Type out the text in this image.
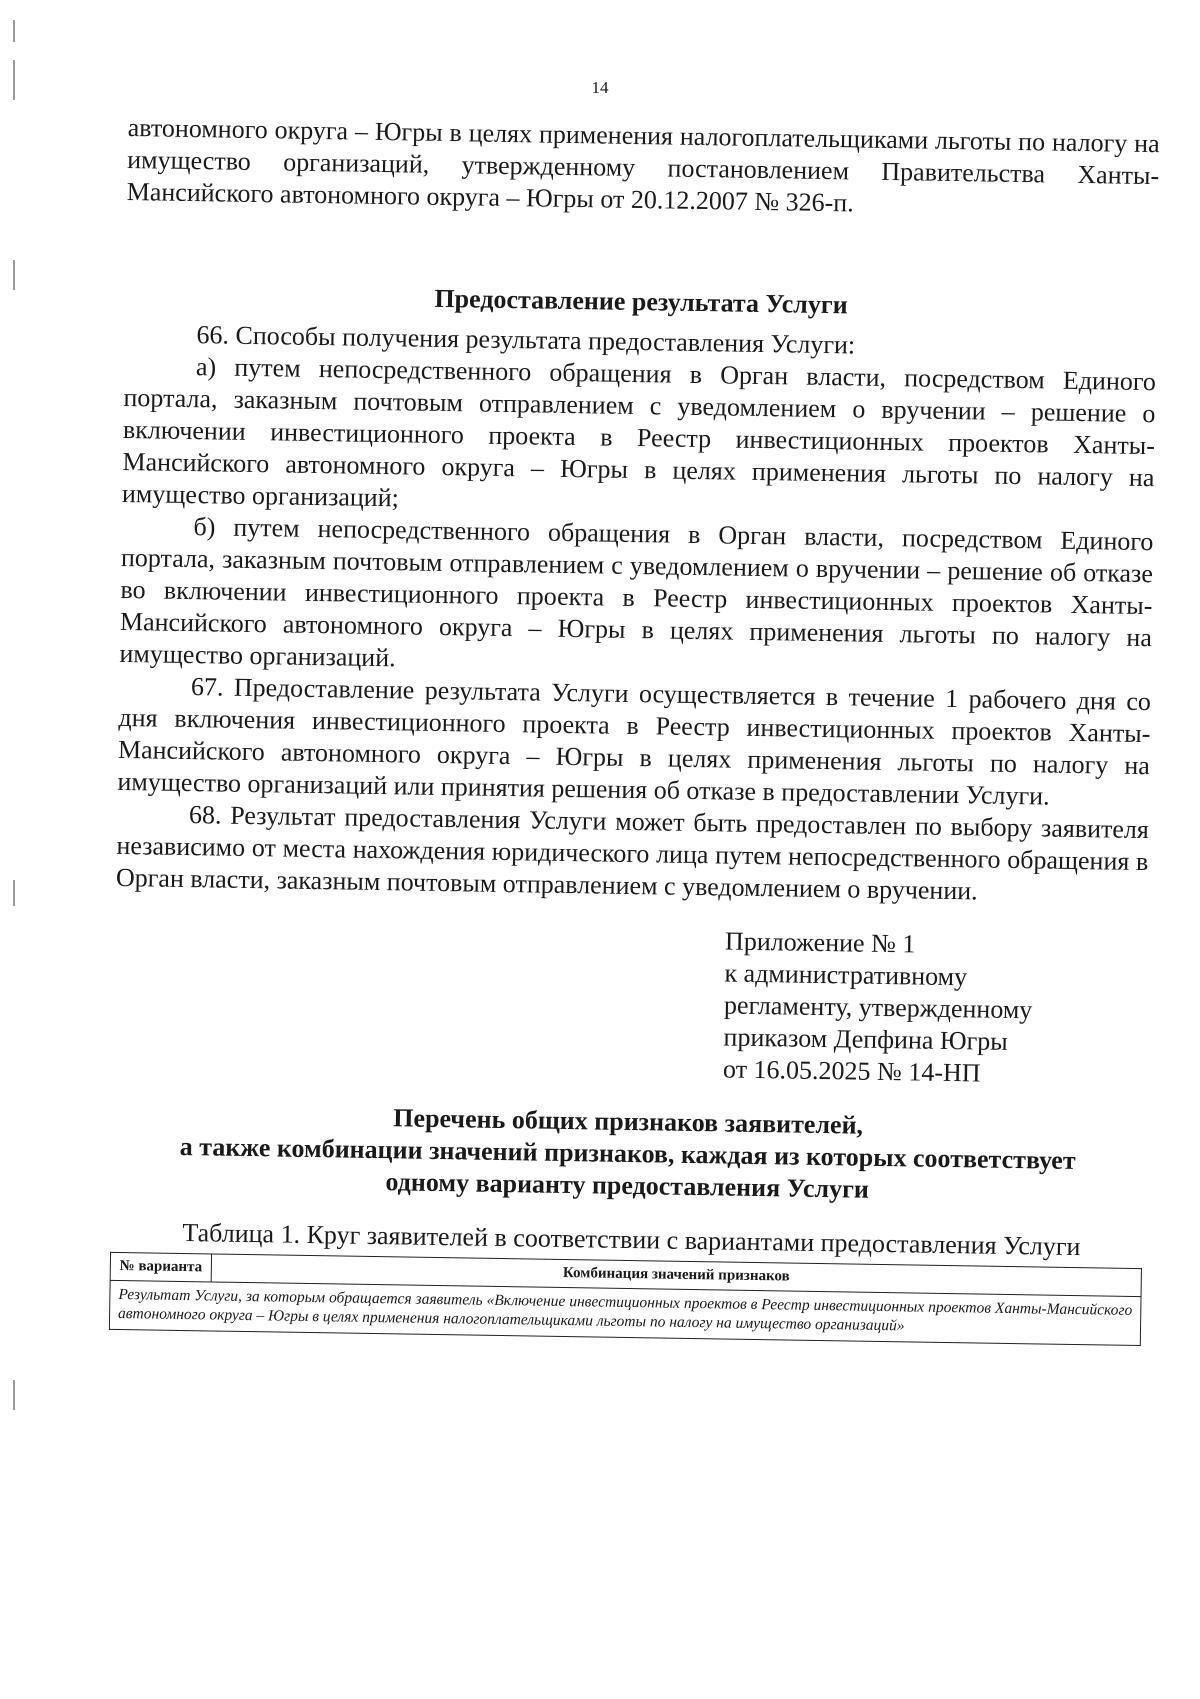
14

автономного округа – Югры в целях применения налогоплательщиками льготы по налогу на имущество организаций, утвержденному постановлением Правительства Ханты-Мансийского автономного округа – Югры от 20.12.2007 № 326-п.

Предоставление результата Услуги

66. Способы получения результата предоставления Услуги:

а) путем непосредственного обращения в Орган власти, посредством Единого портала, заказным почтовым отправлением с уведомлением о вручении – решение о включении инвестиционного проекта в Реестр инвестиционных проектов Ханты-Мансийского автономного округа – Югры в целях применения льготы по налогу на имущество организаций;

б) путем непосредственного обращения в Орган власти, посредством Единого портала, заказным почтовым отправлением с уведомлением о вручении – решение об отказе во включении инвестиционного проекта в Реестр инвестиционных проектов Ханты-Мансийского автономного округа – Югры в целях применения льготы по налогу на имущество организаций.

67. Предоставление результата Услуги осуществляется в течение 1 рабочего дня со дня включения инвестиционного проекта в Реестр инвестиционных проектов Ханты-Мансийского автономного округа – Югры в целях применения льготы по налогу на имущество организаций или принятия решения об отказе в предоставлении Услуги.

68. Результат предоставления Услуги может быть предоставлен по выбору заявителя независимо от места нахождения юридического лица путем непосредственного обращения в Орган власти, заказным почтовым отправлением с уведомлением о вручении.

Приложение № 1

к административному

регламенту, утвержденному

приказом Депфина Югры

от 16.05.2025 № 14-НП

Перечень общих признаков заявителей,

а также комбинации значений признаков, каждая из которых соответствует

одному варианту предоставления Услуги

Таблица 1. Круг заявителей в соответствии с вариантами предоставления Услуги

№ варианта	Комбинация значений признаков
Результат Услуги, за которым обращается заявитель «Включение инвестиционных проектов в Реестр инвестиционных проектов Ханты-Мансийского автономного округа – Югры в целях применения налогоплательщиками льготы по налогу на имущество организаций»
